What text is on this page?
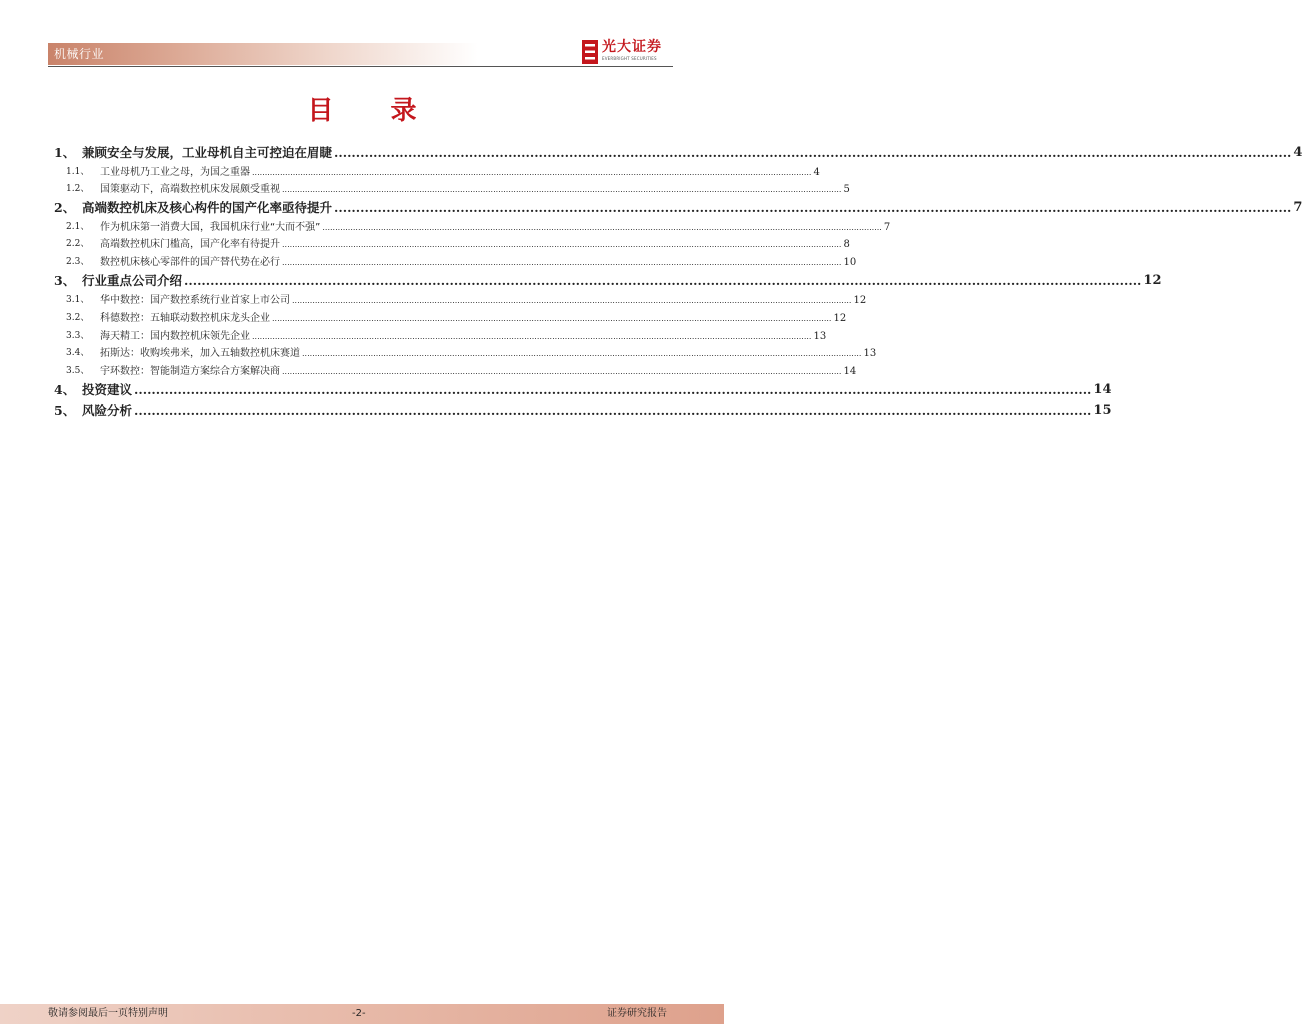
机械行业	光大证券
EVERBRIGHT SECURITIES
目 录
1、 兼顾安全与发展，工业母机自主可控迫在眉睫 ............................................................................................................................................................................................................................ 4
1.1、	工业母机乃工业之母，为国之重器 ............................................................................................................................................................................................................................ 4
1.2、	国策驱动下，高端数控机床发展颇受重视 ............................................................................................................................................................................................................................ 5
2、 高端数控机床及核心构件的国产化率亟待提升 ............................................................................................................................................................................................................................ 7
2.1、	作为机床第一消费大国，我国机床行业“大而不强” ............................................................................................................................................................................................................................ 7
2.2、	高端数控机床门槛高，国产化率有待提升 ............................................................................................................................................................................................................................ 8
2.3、	数控机床核心零部件的国产替代势在必行 ............................................................................................................................................................................................................................ 10
3、 行业重点公司介绍 ............................................................................................................................................................................................................................ 12
3.1、	华中数控：国产数控系统行业首家上市公司 ............................................................................................................................................................................................................................ 12
3.2、	科德数控：五轴联动数控机床龙头企业 ............................................................................................................................................................................................................................ 12
3.3、	海天精工：国内数控机床领先企业 ............................................................................................................................................................................................................................ 13
3.4、	拓斯达：收购埃弗米，加入五轴数控机床赛道 ............................................................................................................................................................................................................................ 13
3.5、	宇环数控：智能制造方案综合方案解决商 ............................................................................................................................................................................................................................ 14
4、 投资建议 ............................................................................................................................................................................................................................ 14
5、 风险分析 ............................................................................................................................................................................................................................ 15
敬请参阅最后一页特别声明	-2-	证券研究报告
